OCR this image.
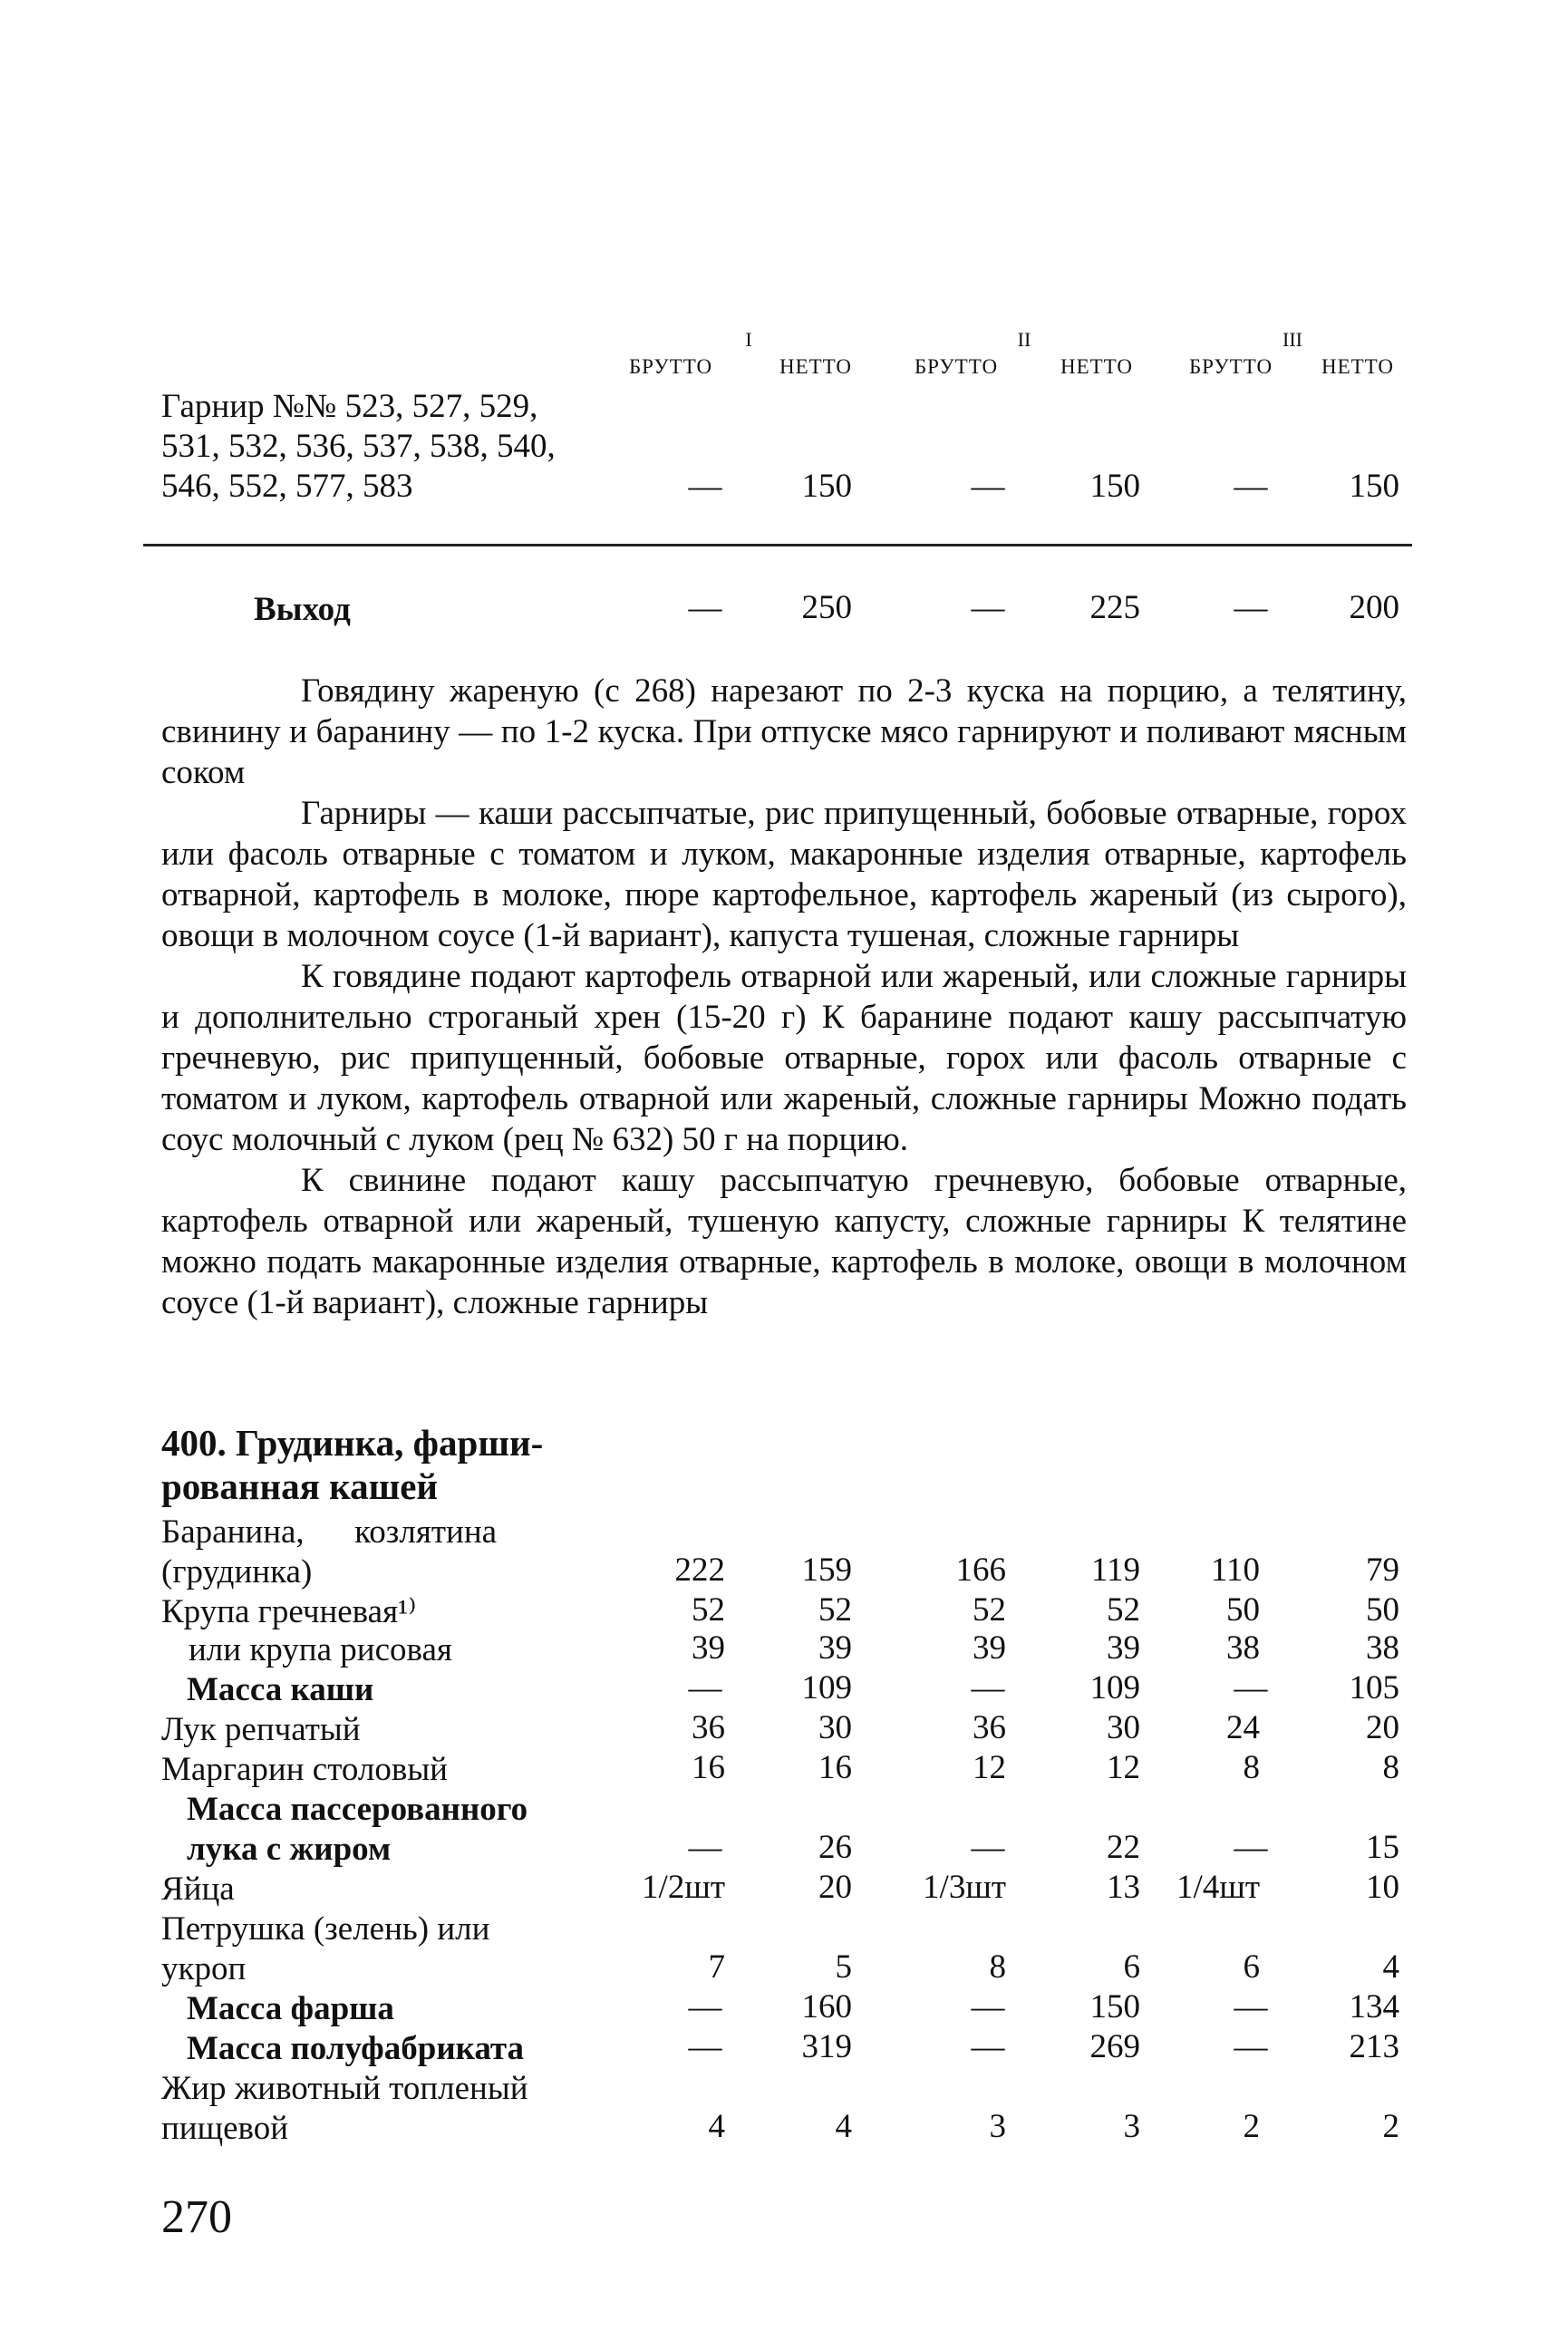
I	II	III
БРУТТО	НЕТТО	БРУТТО	НЕТТО	БРУТТО	НЕТТО
Гарнир №№ 523, 527, 529,
531, 532, 536, 537, 538, 540,
546, 552, 577, 583	—	150	—	150	—	150
Выход	—	250	—	225	—	200

Говядину жареную (с 268) нарезают по 2-3 куска на порцию, а телятину, свинину и баранину — по 1-2 куска. При отпуске мясо гарнируют и поливают мясным соком

Гарниры — каши рассыпчатые, рис припущенный, бобовые отварные, горох или фасоль отварные с томатом и луком, макаронные изделия отварные, картофель отварной, картофель в молоке, пюре картофельное, картофель жареный (из сырого), овощи в молочном соусе (1-й вариант), капуста тушеная, сложные гарниры

К говядине подают картофель отварной или жареный, или сложные гарниры и дополнительно строганый хрен (15-20 г) К баранине подают кашу рассыпчатую гречневую, рис припущенный, бобовые отварные, горох или фасоль отварные с томатом и луком, картофель отварной или жареный, сложные гарниры Можно подать соус молочный с луком (рец № 632) 50 г на порцию.

К свинине подают кашу рассыпчатую гречневую, бобовые отварные, картофель отварной или жареный, тушеную капусту, сложные гарниры К телятине можно подать макаронные изделия отварные, картофель в молоке, овощи в молочном соусе (1-й вариант), сложные гарниры

400. Грудинка, фарши-
рованная кашей
Баранина,      козлятина
(грудинка)	222	159	166	119	110	79
Крупа гречневая¹⁾	52	52	52	52	50	50
или крупа рисовая	39	39	39	39	38	38
Масса каши	—	109	—	109	—	105
Лук репчатый	36	30	36	30	24	20
Маргарин столовый	16	16	12	12	8	8
Масса пассерованного
лука с жиром	—	26	—	22	—	15
Яйца	1/2шт	20	1/3шт	13	1/4шт	10
Петрушка (зелень) или
укроп	7	5	8	6	6	4
Масса фарша	—	160	—	150	—	134
Масса полуфабриката	—	319	—	269	—	213
Жир животный топленый
пищевой	4	4	3	3	2	2
270
